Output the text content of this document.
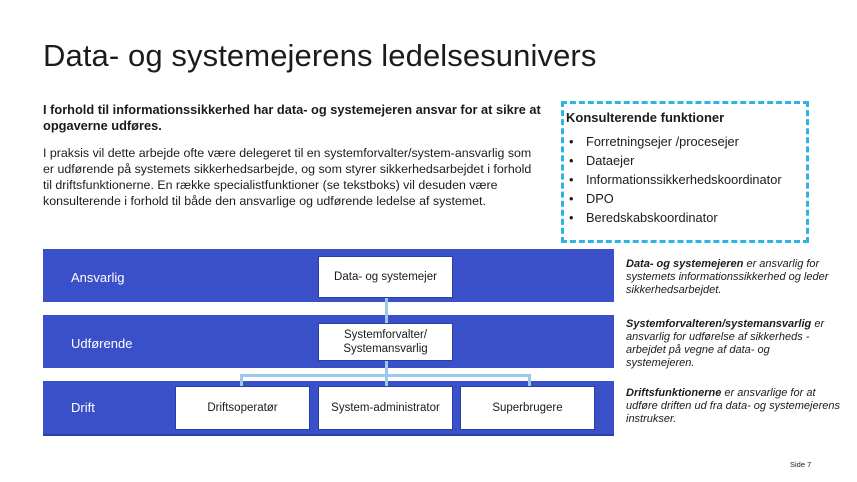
Data- og systemejerens ledelsesunivers
I forhold til informationssikkerhed har data- og systemejeren ansvar for at sikre at opgaverne udføres.
I praksis vil dette arbejde ofte være delegeret til en systemforvalter/system-ansvarlig som er udførende på systemets sikkerhedsarbejde, og som styrer sikkerhedsarbejdet i forhold til driftsfunktionerne. En række specialistfunktioner (se tekstboks) vil desuden være konsulterende i forhold til både den ansvarlige og udførende ledelse af systemet.
Konsulterende funktioner
• Forretningsejer /procesejer
• Dataejer
• Informationssikkerhedskoordinator
• DPO
• Beredskabskoordinator
Ansvarlig
Udførende
Drift
Data- og systemejer
Systemforvalter/ Systemansvarlig
Driftsoperatør	System-administrator	Superbrugere
Data- og systemejeren er ansvarlig for systemets informationssikkerhed og leder sikkerhedsarbejdet.
Systemforvalteren/systemansvarlig er ansvarlig for udførelse af sikkerheds -arbejdet på vegne af data- og systemejeren.
Driftsfunktionerne er ansvarlige for at udføre driften ud fra data- og systemejerens instrukser.
Side 7
